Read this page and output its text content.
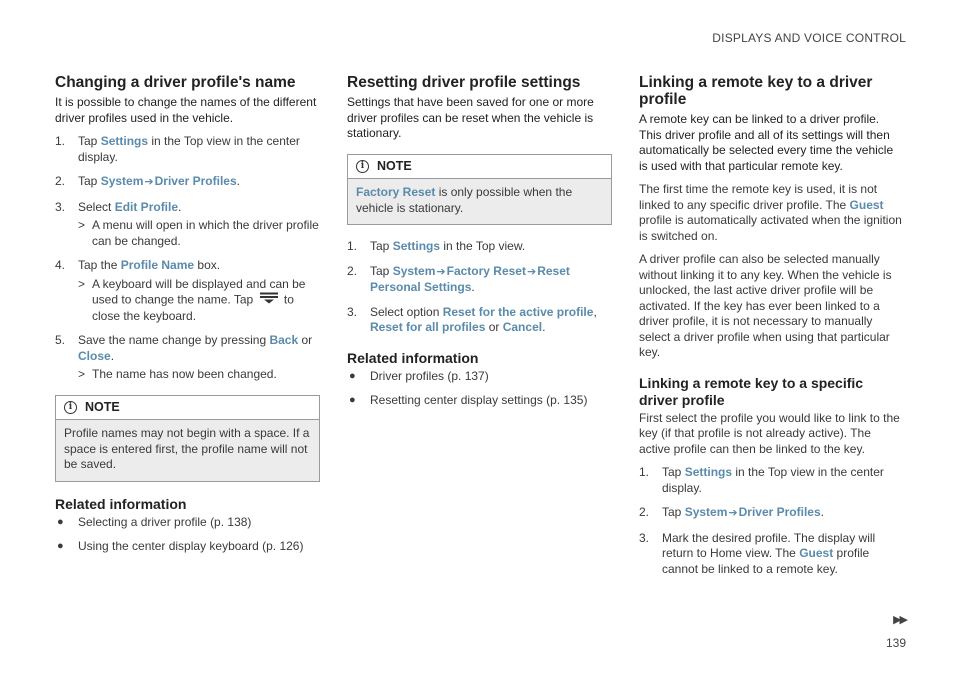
DISPLAYS AND VOICE CONTROL
Changing a driver profile's name

It is possible to change the names of the different driver profiles used in the vehicle.

1. Tap Settings in the Top view in the center display.
2. Tap System➔Driver Profiles.
3. Select Edit Profile.
> A menu will open in which the driver profile can be changed.
4. Tap the Profile Name box.
> A keyboard will be displayed and can be used to change the name. Tap  to close the keyboard.
5. Save the name change by pressing Back or Close.
> The name has now been changed.
i	NOTE
Profile names may not begin with a space. If a space is entered first, the profile name will not be saved.
Related information
● Selecting a driver profile (p. 138)
● Using the center display keyboard (p. 126)
Resetting driver profile settings

Settings that have been saved for one or more driver profiles can be reset when the vehicle is stationary.

i	NOTE
Factory Reset is only possible when the vehicle is stationary.
1. Tap Settings in the Top view.
2. Tap System➔Factory Reset➔Reset Personal Settings.
3. Select option Reset for the active profile, Reset for all profiles or Cancel.
Related information
● Driver profiles (p. 137)
● Resetting center display settings (p. 135)
Linking a remote key to a driver profile

A remote key can be linked to a driver profile. This driver profile and all of its settings will then automatically be selected every time the vehicle is used with that particular remote key.

The first time the remote key is used, it is not linked to any specific driver profile. The Guest profile is automatically activated when the ignition is switched on.

A driver profile can also be selected manually without linking it to any key. When the vehicle is unlocked, the last active driver profile will be activated. If the key has ever been linked to a driver profile, it is not necessary to manually select a driver profile when using that particular key.

Linking a remote key to a specific driver profile

First select the profile you would like to link to the key (if that profile is not already active). The active profile can then be linked to the key.

1. Tap Settings in the Top view in the center display.
2. Tap System➔Driver Profiles.
3. Mark the desired profile. The display will return to Home view. The Guest profile cannot be linked to a remote key.
▶▶
139
